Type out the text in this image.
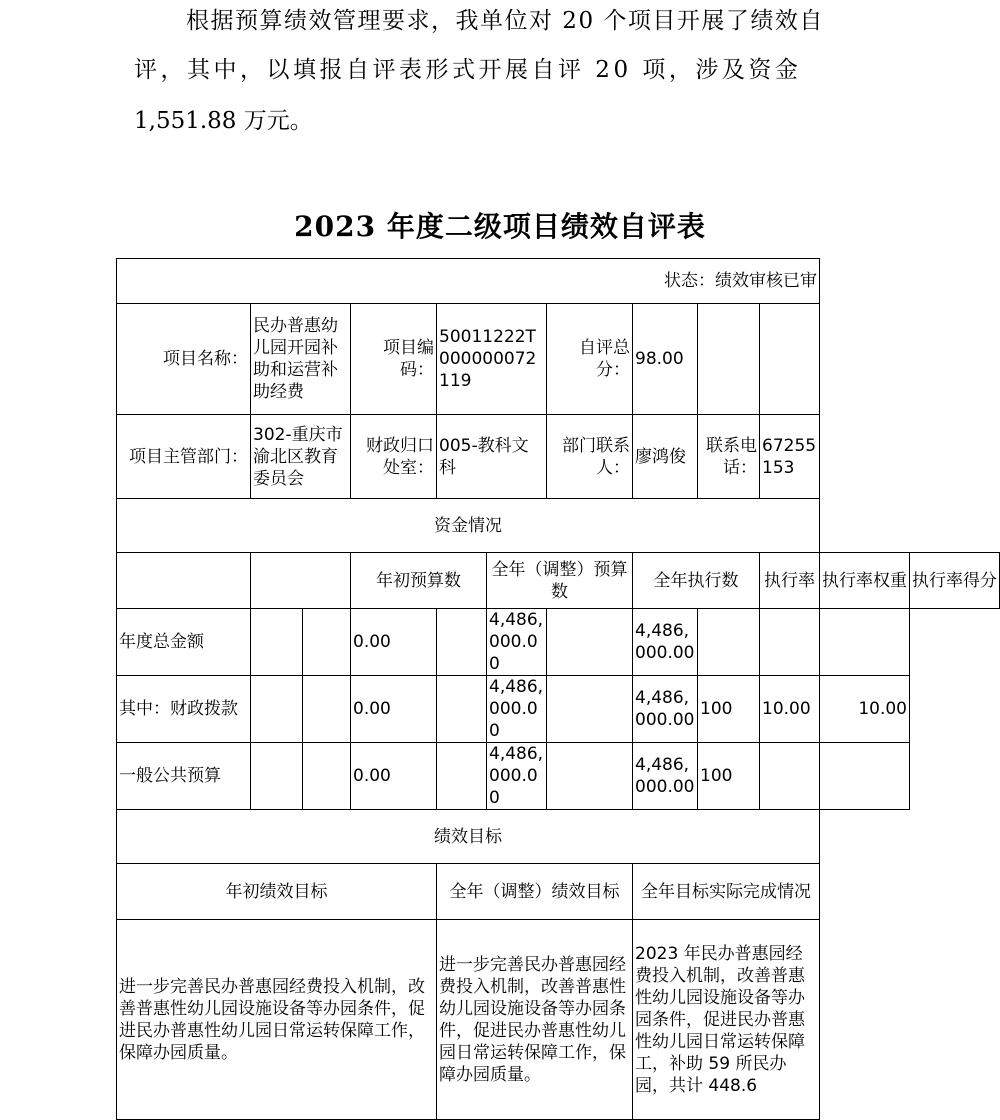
根据预算绩效管理要求，我单位对 20 个项目开展了绩效自
评，其中，以填报自评表形式开展自评 20 项，涉及资金
1,551.88 万元。
2023 年度二级项目绩效自评表
状态：绩效审核已审											
项目名称：	民办普惠幼儿园开园补助和运营补助经费		项目编码：	50011222T000000072119		自评总分：	98.00				
项目主管部门：	302-重庆市渝北区教育委员会		财政归口处室：	005-教科文科		部门联系人：	廖鸿俊	联系电话：	67255153		
资金情况											
			年初预算数		全年（调整）预算数		全年执行数		执行率	执行率权重	执行率得分
年度总金额			0.00		4,486,000.00		4,486,000.00				
其中：财政拨款			0.00		4,486,000.00		4,486,000.00	100	10.00	10.00	
一般公共预算			0.00		4,486,000.00		4,486,000.00	100			
绩效目标											
年初绩效目标				全年（调整）绩效目标			全年目标实际完成情况				
进一步完善民办普惠园经费投入机制，改善普惠性幼儿园设施设备等办园条件，促进民办普惠性幼儿园日常运转保障工作，保障办园质量。				进一步完善民办普惠园经费投入机制，改善普惠性幼儿园设施设备等办园条件，促进民办普惠性幼儿园日常运转保障工作，保障办园质量。			2023 年民办普惠园经费投入机制，改善普惠性幼儿园设施设备等办园条件，促进民办普惠性幼儿园日常运转保障工，补助 59 所民办园，共计 448.6				
